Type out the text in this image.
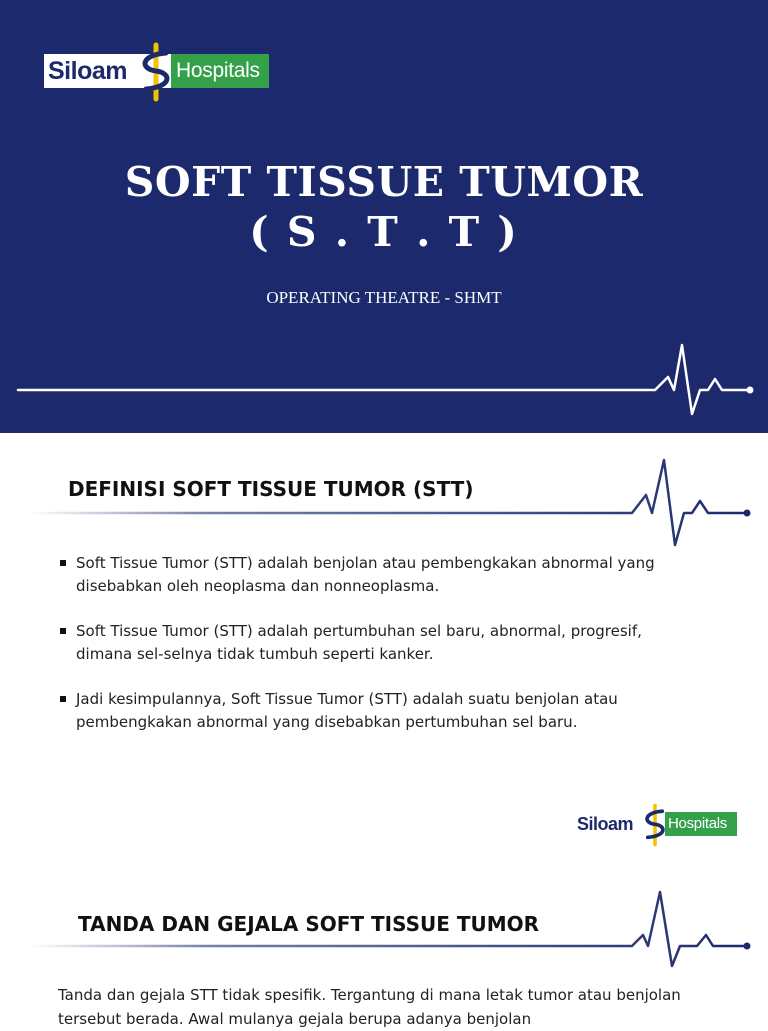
Siloam Hospitals
SOFT TISSUE TUMOR
( S . T . T )

OPERATING THEATRE - SHMT

DEFINISI SOFT TISSUE TUMOR (STT)
Soft Tissue Tumor (STT) adalah benjolan atau pembengkakan abnormal yang disebabkan oleh neoplasma dan nonneoplasma.
Soft Tissue Tumor (STT) adalah pertumbuhan sel baru, abnormal, progresif, dimana sel-selnya tidak tumbuh seperti kanker.
Jadi kesimpulannya, Soft Tissue Tumor (STT) adalah suatu benjolan atau pembengkakan abnormal yang disebabkan pertumbuhan sel baru.
Siloam Hospitals
TANDA DAN GEJALA SOFT TISSUE TUMOR

Tanda dan gejala STT tidak spesifik. Tergantung di mana letak tumor atau benjolan tersebut berada. Awal mulanya gejala berupa adanya benjolan
